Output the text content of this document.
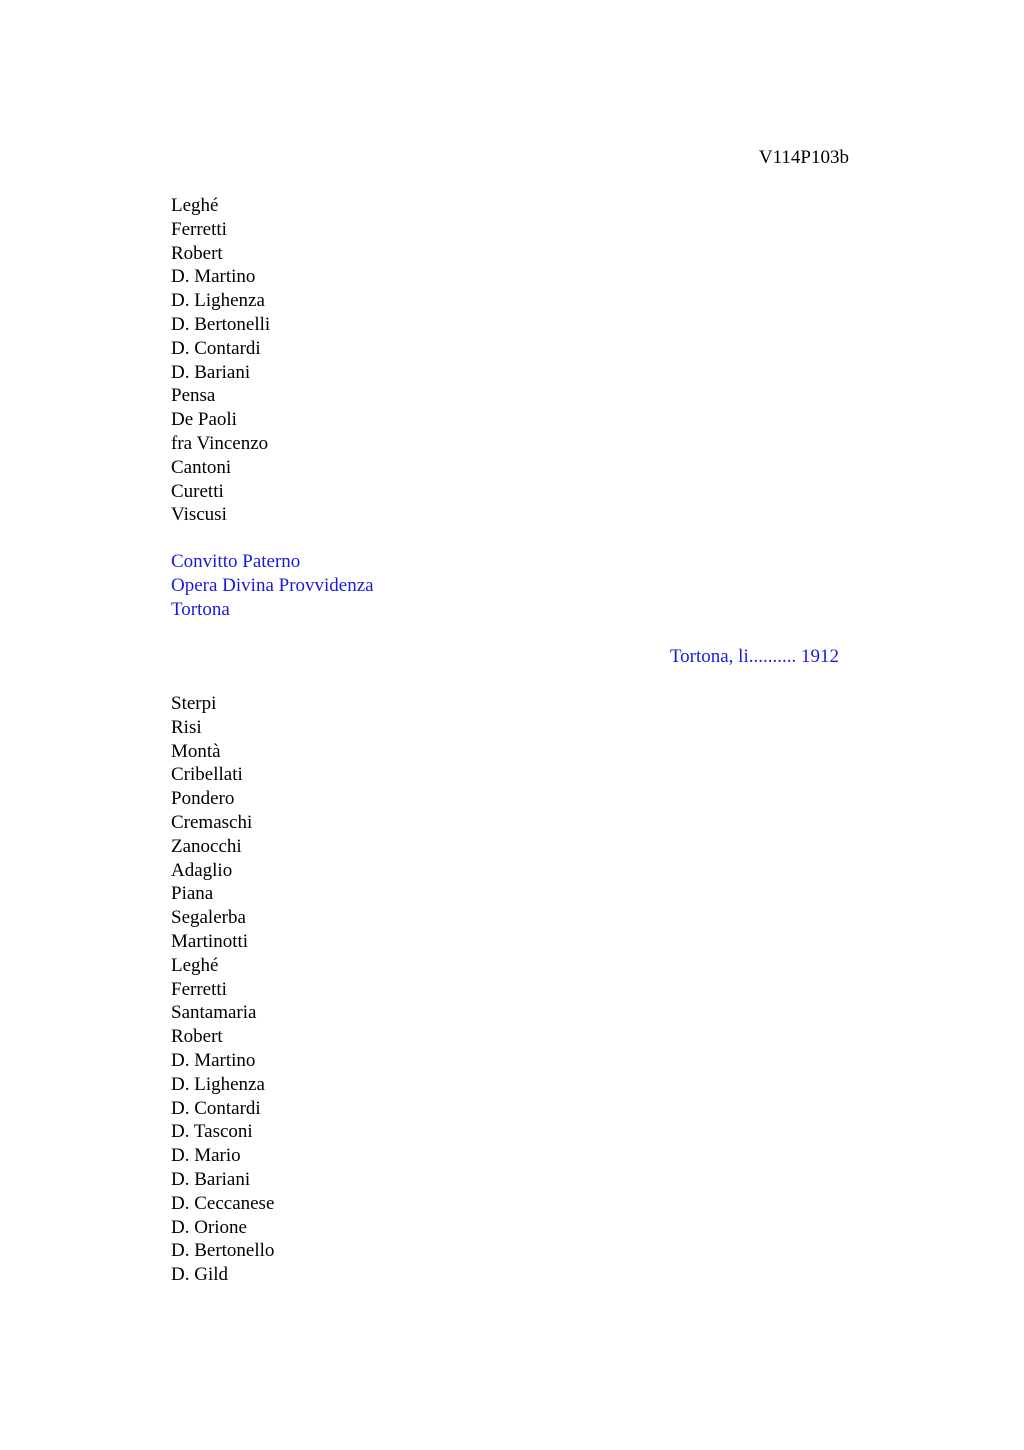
V114P103b
Leghé
Ferretti
Robert
D. Martino
D. Lighenza
D. Bertonelli
D. Contardi
D. Bariani
Pensa
De Paoli
fra Vincenzo
Cantoni
Curetti
Viscusi
Convitto Paterno
Opera Divina Provvidenza
Tortona
Tortona, li.......... 1912
Sterpi
Risi
Montà
Cribellati
Pondero
Cremaschi
Zanocchi
Adaglio
Piana
Segalerba
Martinotti
Leghé
Ferretti
Santamaria
Robert
D. Martino
D. Lighenza
D. Contardi
D. Tasconi
D. Mario
D. Bariani
D. Ceccanese
D. Orione
D. Bertonello
D. Gild
